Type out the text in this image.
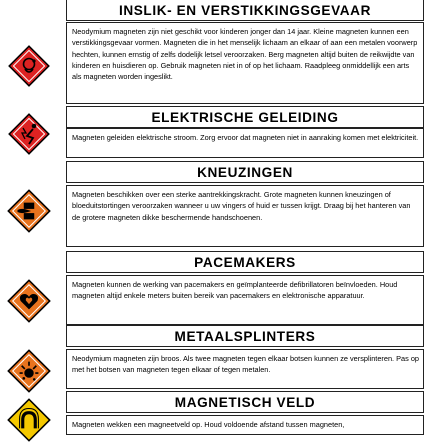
INSLIK- EN VERSTIKKINGSGEVAAR
Neodymium magneten zijn niet geschikt voor kinderen jonger dan 14 jaar. Kleine magneten kunnen een verstikkingsgevaar vormen. Magneten die in het menselijk lichaam an elkaar of aan een metalen voorwerp hechten, kunnen ernstig of zelfs dodelijk letsel veroorzaken. Berg magneten altijd buiten de reikwijdte van kinderen en huisdieren op. Gebruik magneten niet in of op het lichaam. Raadpleeg onmiddellijk een arts als magneten worden ingeslikt.
ELEKTRISCHE GELEIDING
Magneten geleiden elektrische stroom. Zorg ervoor dat magneten niet in aanraking komen met elektriciteit.
KNEUZINGEN
Magneten beschikken over een sterke aantrekkingskracht. Grote magneten kunnen kneuzingen of bloeduitstortingen veroorzaken wanneer u uw vingers of huid er tussen krijgt. Draag bij het hanteren van de grotere magneten dikke beschermende handschoenen.
PACEMAKERS
Magneten kunnen de werking van pacemakers en geïmplanteerde defibrillatoren beïnvloeden. Houd magneten altijd enkele meters buiten bereik van pacemakers en elektronische apparatuur.
METAALSPLINTERS
Neodymium magneten zijn broos. Als twee magneten tegen elkaar botsen kunnen ze versplinteren. Pas op met het botsen van magneten tegen elkaar of tegen metalen.
MAGNETISCH VELD
Magneten wekken een magneetveld op. Houd voldoende afstand tussen magneten,
